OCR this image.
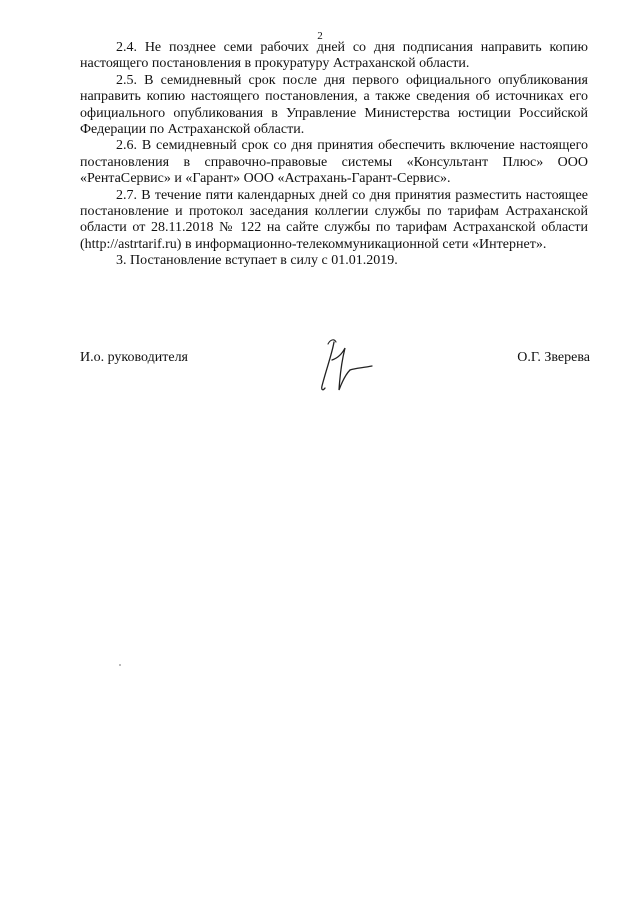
2

2.4. Не позднее семи рабочих дней со дня подписания направить копию настоящего постановления в прокуратуру Астраханской области.

2.5. В семидневный срок после дня первого официального опубликования направить копию настоящего постановления, а также сведения об источниках его официального опубликования в Управление Министерства юстиции Российской Федерации по Астраханской области.

2.6. В семидневный срок со дня принятия обеспечить включение настоящего постановления в справочно-правовые системы «Консультант Плюс» ООО «РентаСервис» и «Гарант» ООО «Астрахань-Гарант-Сервис».

2.7. В течение пяти календарных дней со дня принятия разместить настоящее постановление и протокол заседания коллегии службы по тарифам Астраханской области от 28.11.2018 № 122 на сайте службы по тарифам Астраханской области (http://astrtarif.ru) в информационно-телекоммуникационной сети «Интернет».

3. Постановление вступает в силу с 01.01.2019.

И.о. руководителя	О.Г. Зверева
